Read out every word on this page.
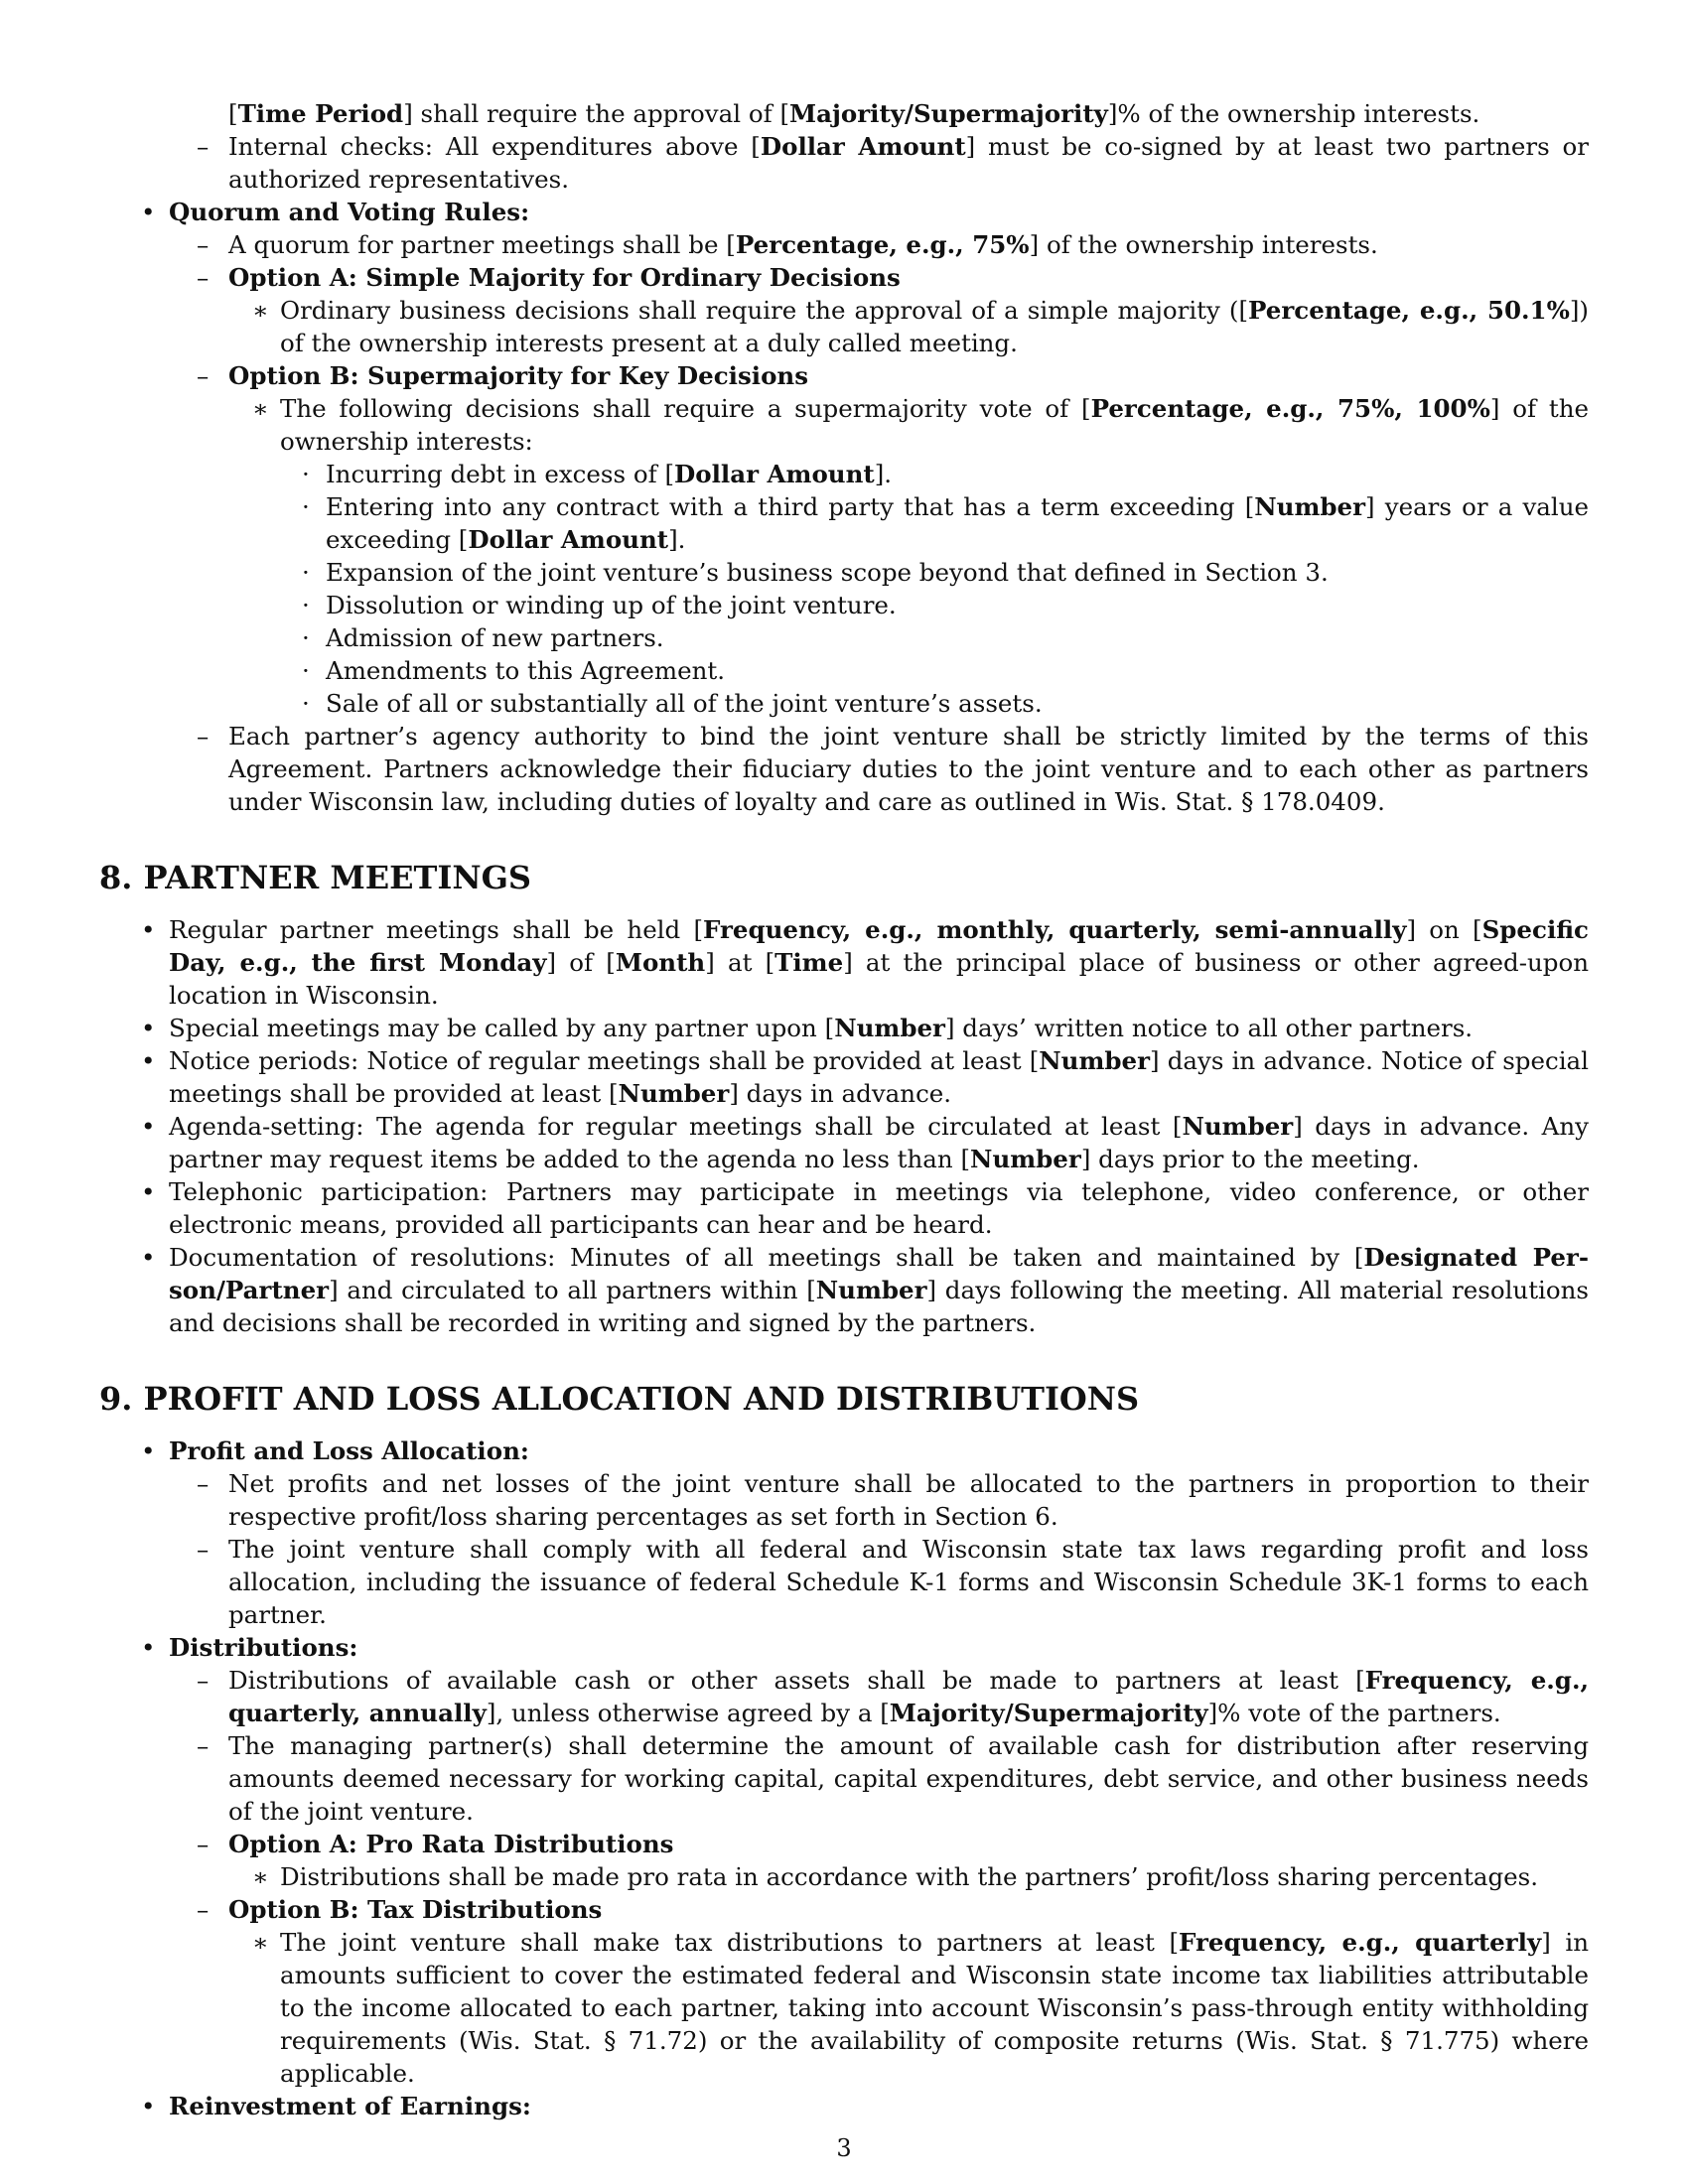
[Time Period] shall require the approval of [Majority/Supermajority]% of the ownership interests.
– Internal checks: All expenditures above [Dollar Amount] must be co-signed by at least two partners or authorized representatives.
• Quorum and Voting Rules:
– A quorum for partner meetings shall be [Percentage, e.g., 75%] of the ownership interests.
– Option A: Simple Majority for Ordinary Decisions
∗ Ordinary business decisions shall require the approval of a simple majority ([Percentage, e.g., 50.1%]) of the ownership interests present at a duly called meeting.
– Option B: Supermajority for Key Decisions
∗ The following decisions shall require a supermajority vote of [Percentage, e.g., 75%, 100%] of the ownership interests:
· Incurring debt in excess of [Dollar Amount].
· Entering into any contract with a third party that has a term exceeding [Number] years or a value exceeding [Dollar Amount].
· Expansion of the joint venture’s business scope beyond that defined in Section 3.
· Dissolution or winding up of the joint venture.
· Admission of new partners.
· Amendments to this Agreement.
· Sale of all or substantially all of the joint venture’s assets.
– Each partner’s agency authority to bind the joint venture shall be strictly limited by the terms of this Agreement. Partners acknowledge their fiduciary duties to the joint venture and to each other as partners under Wisconsin law, including duties of loyalty and care as outlined in Wis. Stat. § 178.0409.
8. PARTNER MEETINGS
• Regular partner meetings shall be held [Frequency, e.g., monthly, quarterly, semi-annually] on [Specific Day, e.g., the first Monday] of [Month] at [Time] at the principal place of business or other agreed-upon location in Wisconsin.
• Special meetings may be called by any partner upon [Number] days’ written notice to all other partners.
• Notice periods: Notice of regular meetings shall be provided at least [Number] days in advance. Notice of special meetings shall be provided at least [Number] days in advance.
• Agenda-setting: The agenda for regular meetings shall be circulated at least [Number] days in advance. Any partner may request items be added to the agenda no less than [Number] days prior to the meeting.
• Telephonic participation: Partners may participate in meetings via telephone, video conference, or other electronic means, provided all participants can hear and be heard.
• Documentation of resolutions: Minutes of all meetings shall be taken and maintained by [Designated Person/Partner] and circulated to all partners within [Number] days following the meeting. All material resolutions and decisions shall be recorded in writing and signed by the partners.
9. PROFIT AND LOSS ALLOCATION AND DISTRIBUTIONS
• Profit and Loss Allocation:
– Net profits and net losses of the joint venture shall be allocated to the partners in proportion to their respective profit/loss sharing percentages as set forth in Section 6.
– The joint venture shall comply with all federal and Wisconsin state tax laws regarding profit and loss allocation, including the issuance of federal Schedule K-1 forms and Wisconsin Schedule 3K-1 forms to each partner.
• Distributions:
– Distributions of available cash or other assets shall be made to partners at least [Frequency, e.g., quarterly, annually], unless otherwise agreed by a [Majority/Supermajority]% vote of the partners.
– The managing partner(s) shall determine the amount of available cash for distribution after reserving amounts deemed necessary for working capital, capital expenditures, debt service, and other business needs of the joint venture.
– Option A: Pro Rata Distributions
∗ Distributions shall be made pro rata in accordance with the partners’ profit/loss sharing percentages.
– Option B: Tax Distributions
∗ The joint venture shall make tax distributions to partners at least [Frequency, e.g., quarterly] in amounts sufficient to cover the estimated federal and Wisconsin state income tax liabilities attributable to the income allocated to each partner, taking into account Wisconsin’s pass-through entity withholding requirements (Wis. Stat. § 71.72) or the availability of composite returns (Wis. Stat. § 71.775) where applicable.
• Reinvestment of Earnings:
3
